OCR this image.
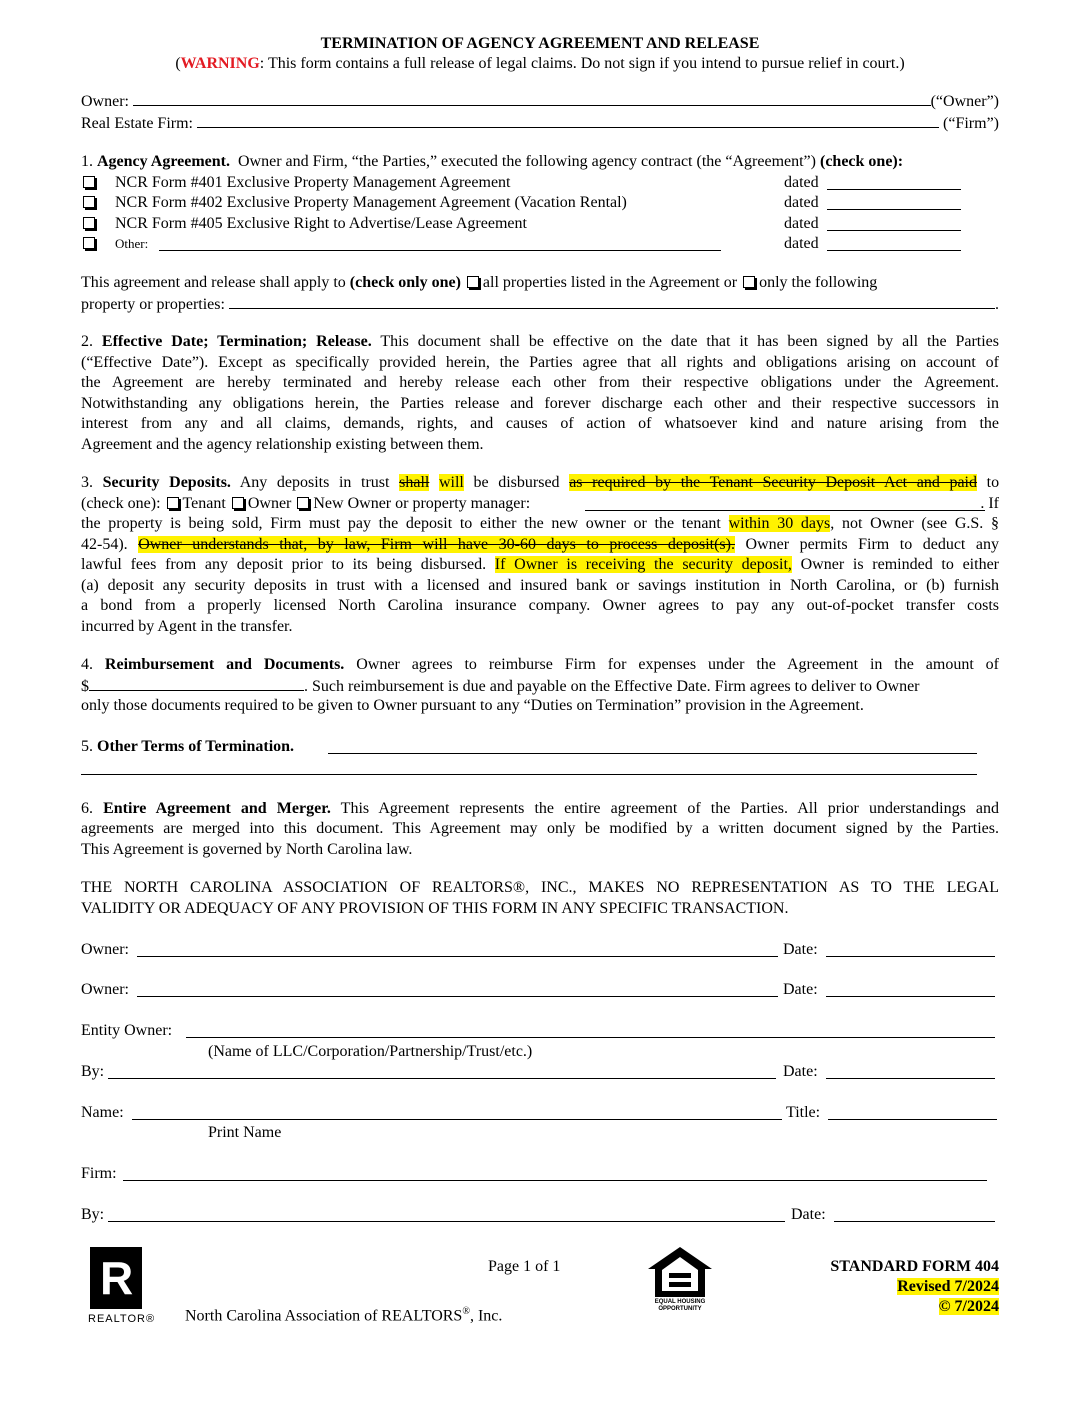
TERMINATION OF AGENCY AGREEMENT AND RELEASE
(WARNING: This form contains a full release of legal claims. Do not sign if you intend to pursue relief in court.)
Owner:	(“Owner”)
Real Estate Firm:	(“Firm”)
1. Agency Agreement. Owner and Firm, “the Parties,” executed the following agency contract (the “Agreement”) (check one):
NCR Form #401 Exclusive Property Management Agreement	dated
NCR Form #402 Exclusive Property Management Agreement (Vacation Rental)	dated
NCR Form #405 Exclusive Right to Advertise/Lease Agreement	dated
Other:	dated
This agreement and release shall apply to (check only one) all properties listed in the Agreement or only the following
property or properties:	.
2. Effective Date; Termination; Release. This document shall be effective on the date that it has been signed by all the Parties
(“Effective Date”). Except as specifically provided herein, the Parties agree that all rights and obligations arising on account of
the Agreement are hereby terminated and hereby release each other from their respective obligations under the Agreement.
Notwithstanding any obligations herein, the Parties release and forever discharge each other and their respective successors in
interest from any and all claims, demands, rights, and causes of action of whatsoever kind and nature arising from the
Agreement and the agency relationship existing between them.
3. Security Deposits. Any deposits in trust shall will be disbursed as required by the Tenant Security Deposit Act and paid to
(check one): Tenant Owner New Owner or property manager:	. If
the property is being sold, Firm must pay the deposit to either the new owner or the tenant within 30 days, not Owner (see G.S. §
42-54). Owner understands that, by law, Firm will have 30-60 days to process deposit(s). Owner permits Firm to deduct any
lawful fees from any deposit prior to its being disbursed. If Owner is receiving the security deposit, Owner is reminded to either
(a) deposit any security deposits in trust with a licensed and insured bank or savings institution in North Carolina, or (b) furnish
a bond from a properly licensed North Carolina insurance company. Owner agrees to pay any out-of-pocket transfer costs
incurred by Agent in the transfer.
4. Reimbursement and Documents. Owner agrees to reimburse Firm for expenses under the Agreement in the amount of
$	. Such reimbursement is due and payable on the Effective Date. Firm agrees to deliver to Owner
only those documents required to be given to Owner pursuant to any “Duties on Termination” provision in the Agreement.
5. Other Terms of Termination.
6. Entire Agreement and Merger. This Agreement represents the entire agreement of the Parties. All prior understandings and
agreements are merged into this document. This Agreement may only be modified by a written document signed by the Parties.
This Agreement is governed by North Carolina law.
THE NORTH CAROLINA ASSOCIATION OF REALTORS®, INC., MAKES NO REPRESENTATION AS TO THE LEGAL
VALIDITY OR ADEQUACY OF ANY PROVISION OF THIS FORM IN ANY SPECIFIC TRANSACTION.
Owner:	Date:
Owner:	Date:
Entity Owner:
(Name of LLC/Corporation/Partnership/Trust/etc.)
By:	Date:
Name:	Title:
Print Name
Firm:
By:	Date:
R
REALTOR®
Page 1 of 1
EQUAL HOUSING OPPORTUNITY
North Carolina Association of REALTORS®, Inc.
STANDARD FORM 404
Revised 7/2024
© 7/2024
